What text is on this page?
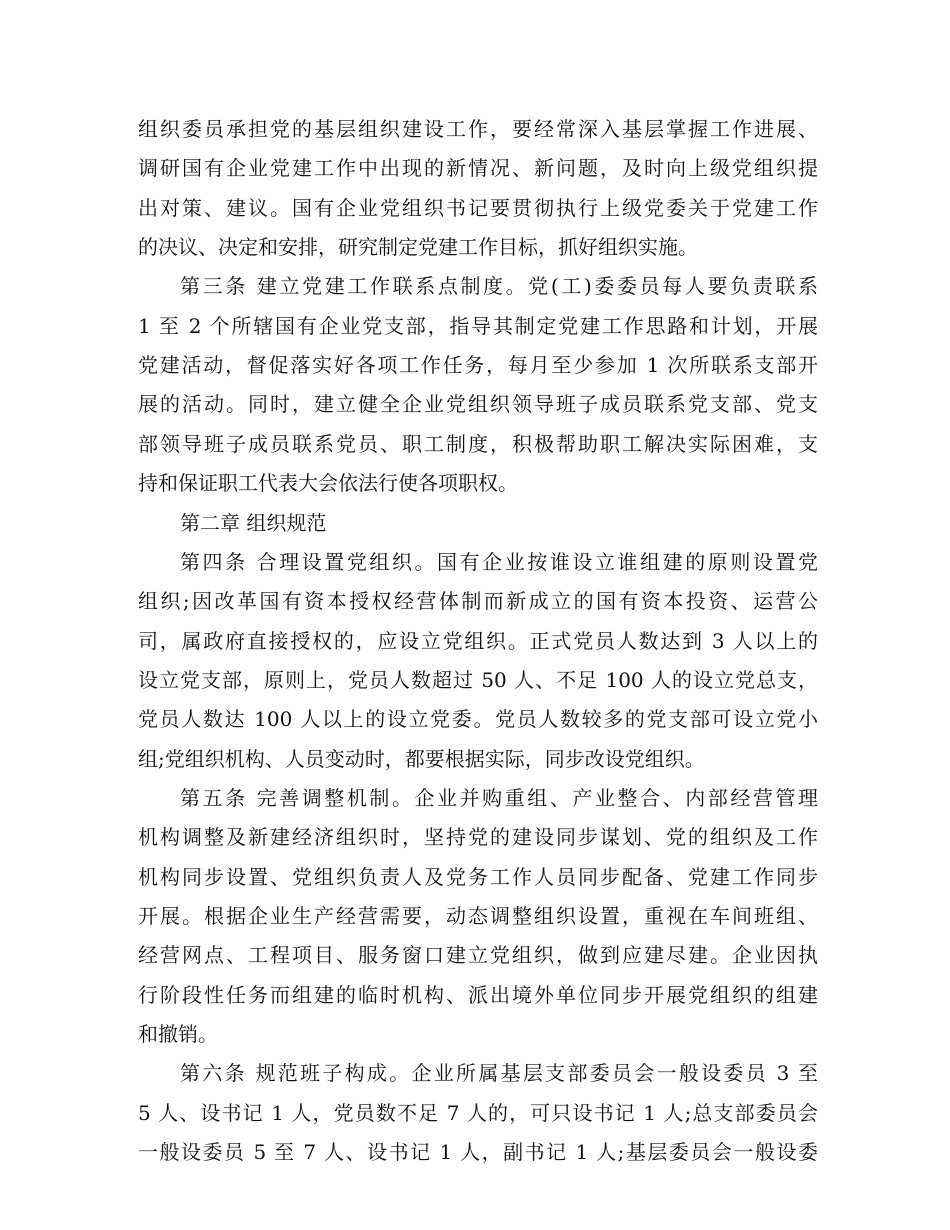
组织委员承担党的基层组织建设工作，要经常深入基层掌握工作进展、
调研国有企业党建工作中出现的新情况、新问题，及时向上级党组织提
出对策、建议。国有企业党组织书记要贯彻执行上级党委关于党建工作
的决议、决定和安排，研究制定党建工作目标，抓好组织实施。
第三条 建立党建工作联系点制度。党(工)委委员每人要负责联系
1 至 2 个所辖国有企业党支部，指导其制定党建工作思路和计划，开展
党建活动，督促落实好各项工作任务，每月至少参加 1 次所联系支部开
展的活动。同时，建立健全企业党组织领导班子成员联系党支部、党支
部领导班子成员联系党员、职工制度，积极帮助职工解决实际困难，支
持和保证职工代表大会依法行使各项职权。
第二章 组织规范
第四条 合理设置党组织。国有企业按谁设立谁组建的原则设置党
组织;因改革国有资本授权经营体制而新成立的国有资本投资、运营公
司，属政府直接授权的，应设立党组织。正式党员人数达到 3 人以上的
设立党支部，原则上，党员人数超过 50 人、不足 100 人的设立党总支，
党员人数达 100 人以上的设立党委。党员人数较多的党支部可设立党小
组;党组织机构、人员变动时，都要根据实际，同步改设党组织。
第五条 完善调整机制。企业并购重组、产业整合、内部经营管理
机构调整及新建经济组织时，坚持党的建设同步谋划、党的组织及工作
机构同步设置、党组织负责人及党务工作人员同步配备、党建工作同步
开展。根据企业生产经营需要，动态调整组织设置，重视在车间班组、
经营网点、工程项目、服务窗口建立党组织，做到应建尽建。企业因执
行阶段性任务而组建的临时机构、派出境外单位同步开展党组织的组建
和撤销。
第六条 规范班子构成。企业所属基层支部委员会一般设委员 3 至
5 人、设书记 1 人，党员数不足 7 人的，可只设书记 1 人;总支部委员会
一般设委员 5 至 7 人、设书记 1 人，副书记 1 人;基层委员会一般设委
